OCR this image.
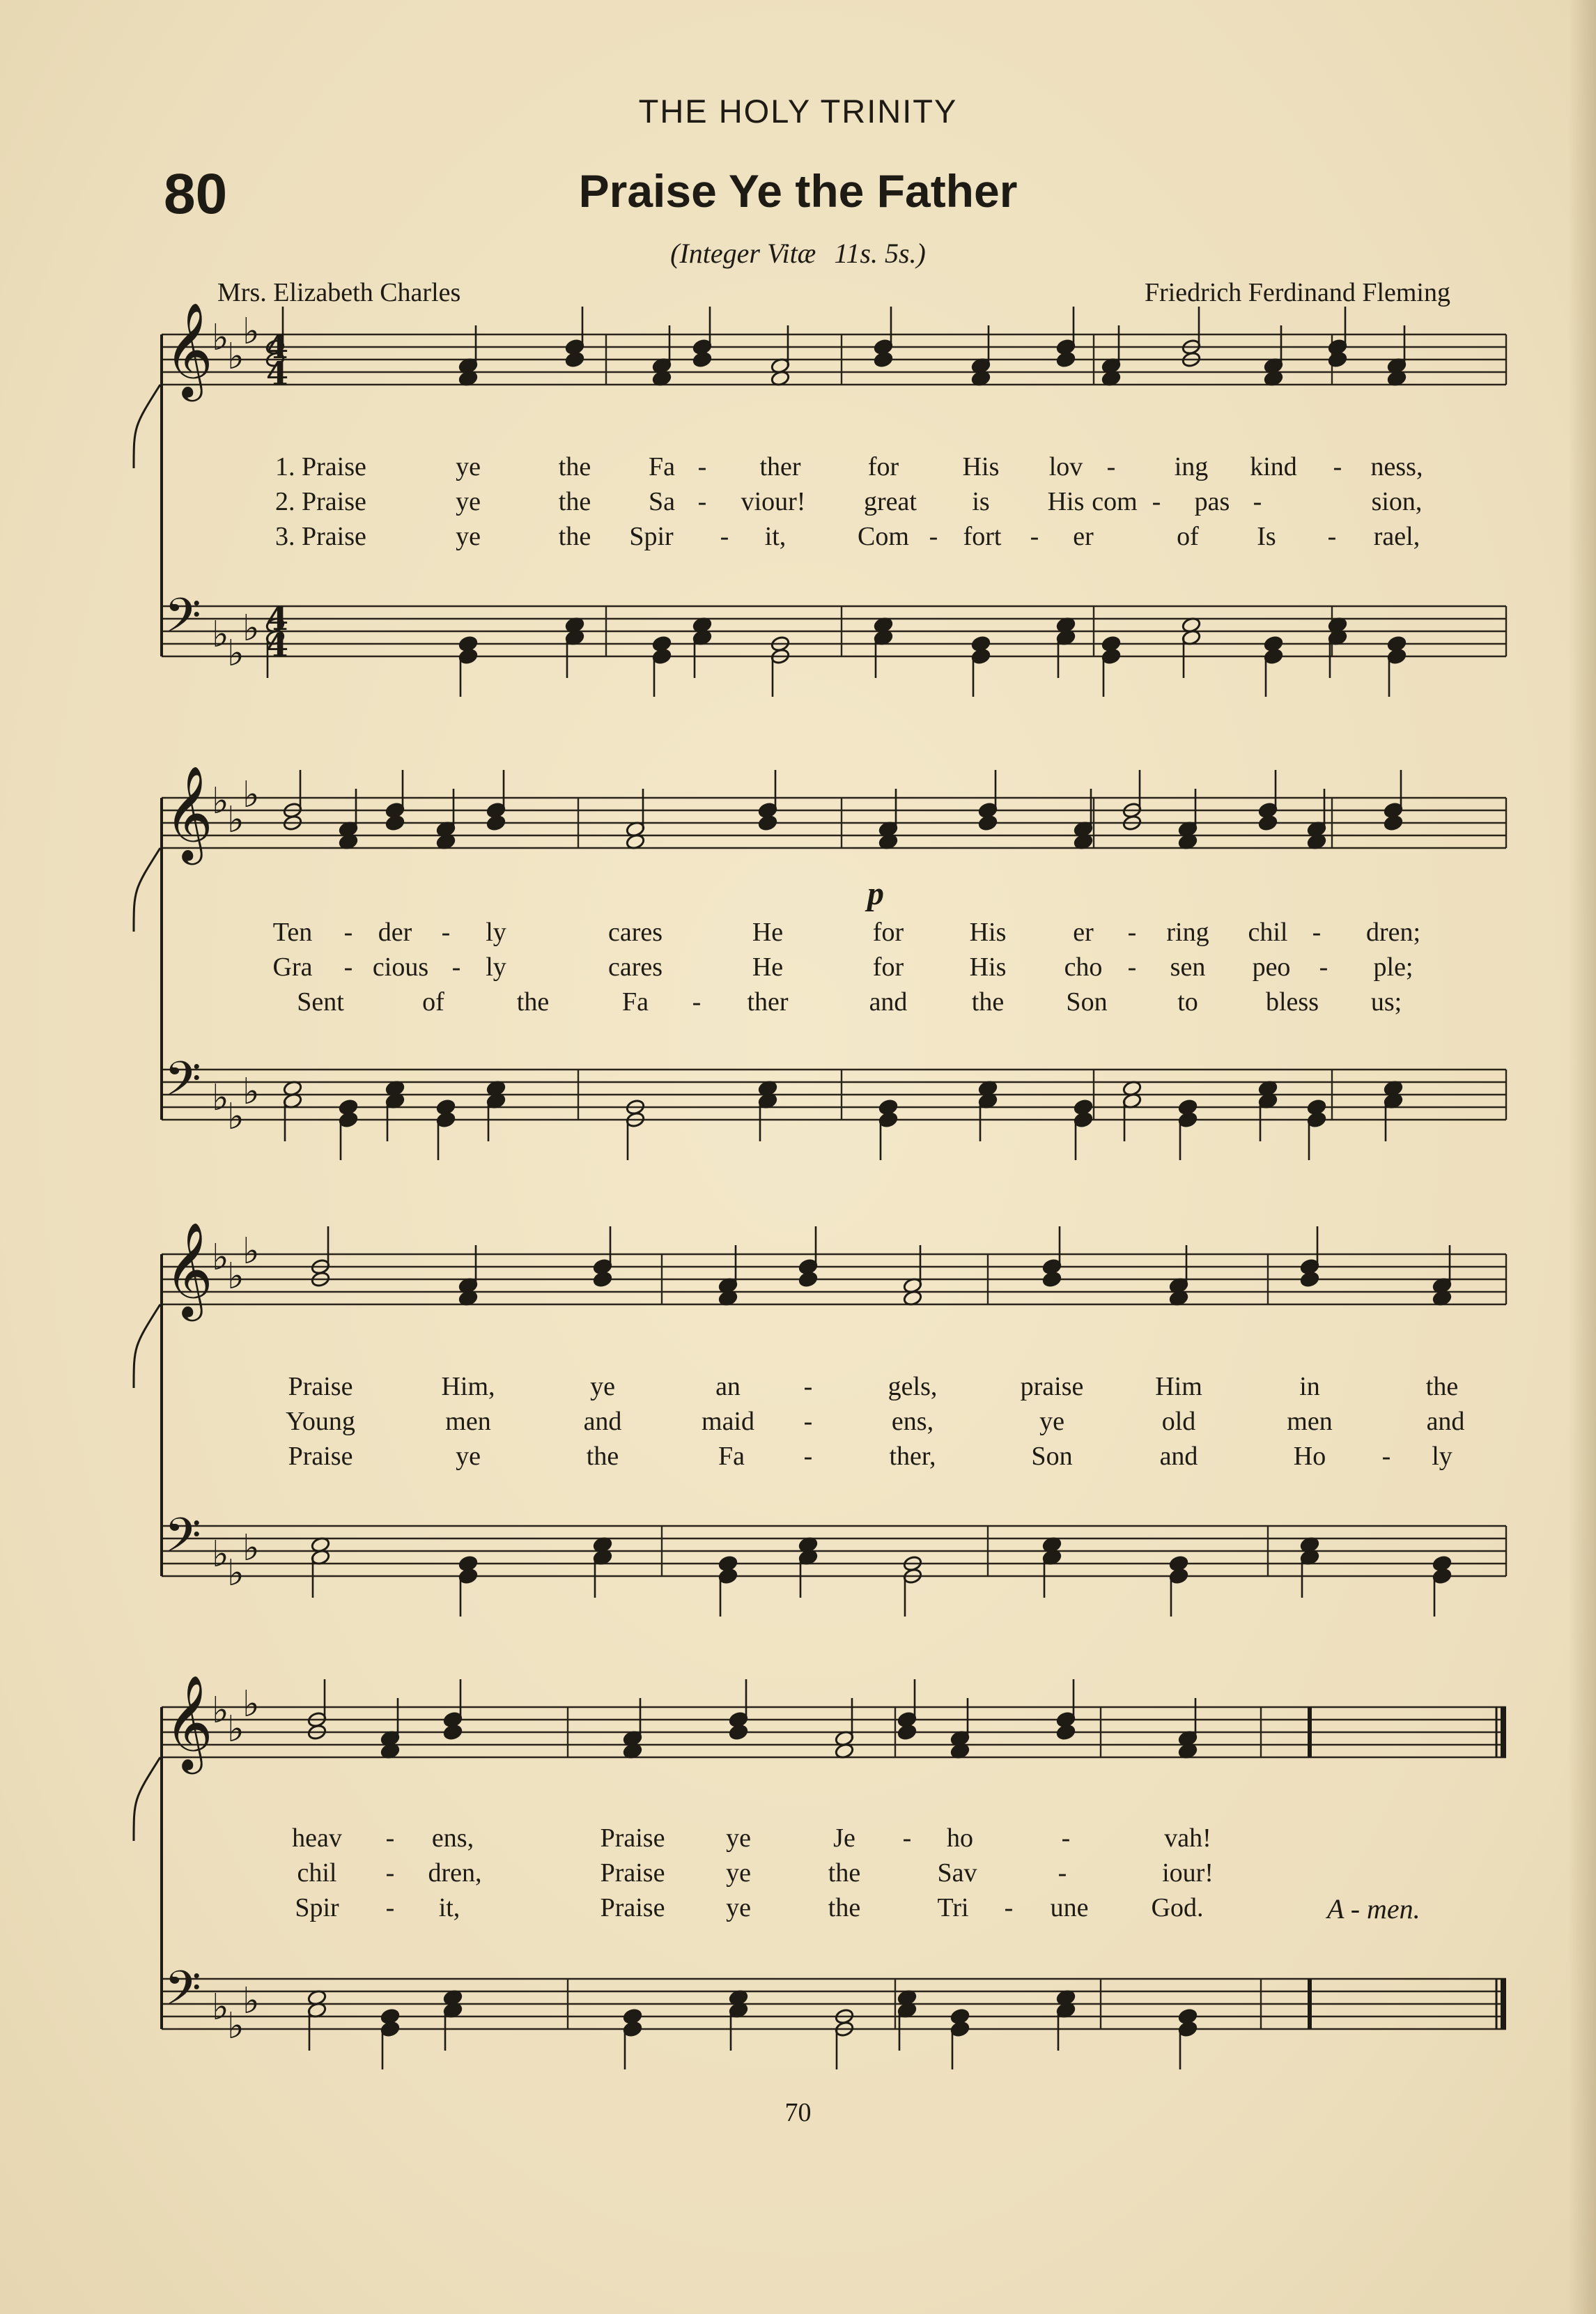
THE HOLY TRINITY
80	Praise Ye the Father
(Integer Vitæ 11s. 5s.)
Mrs. Elizabeth Charles	Friedrich Ferdinand Fleming
𝄞
♭
♭
♭ 4
4
𝄢 ♭
♭
♭ 4
4
𝄞
♭
♭
♭
𝄢 ♭
♭
♭
𝄞
♭
♭
♭
𝄢 ♭
♭
♭
𝄞
♭
♭
♭
𝄢 ♭
♭
♭
1. Praise	ye	the Fa - ther	for His lov - ing kind - ness,
2. Praise	ye	the Sa - viour! great is His com - pas -	sion,
3. Praise	ye	the Spir - it,	Com - fort - er	of Is - rael,
Ten - der - ly	cares	He	for His	er - ring chil - dren;
Gra - cious - ly	cares	He	for His cho - sen peo - ple;
Sent	of	the	Fa - ther	and the Son	to	bless us;
Praise	Him,	ye	an -	gels,	praise	Him	in	the
Young	men	and	maid -	ens,	ye	old	men	and
Praise	ye	the	Fa -	ther,	Son	and	Ho - ly
heav - ens,	Praise ye	Je - ho	-	vah!
chil - dren,	Praise ye	the	Sav	-	iour!
Spir - it,	Praise ye	the	Tri - une God.
p
A - men.
70
